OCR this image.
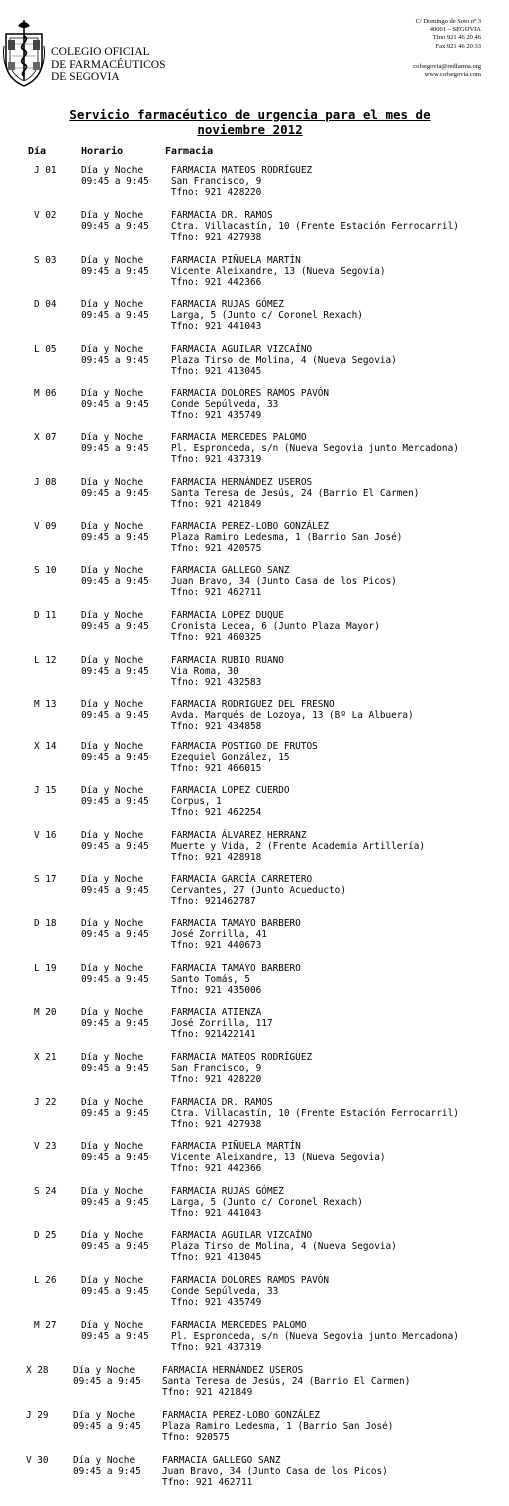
COLEGIO OFICIAL
DE FARMACÉUTICOS
DE SEGOVIA
C/ Domingo de Soto nº 3
40001 – SEGOVIA
Tfno 921 46 20 46
Fax 921 46 20 33
cofsegovia@redfarma.org
www.cofsegovia.com
Servicio farmacéutico de urgencia para el mes de
noviembre 2012
Día	Horario	Farmacia
J 01	Día y Noche
09:45 a 9:45
FARMACIA MATEOS RODRÍGUEZ
San Francisco, 9
Tfno: 921 428220
V 02	Día y Noche
09:45 a 9:45
FARMACIA DR. RAMOS
Ctra. Villacastín, 10 (Frente Estación Ferrocarril)
Tfno: 921 427938
S 03	Día y Noche
09:45 a 9:45
FARMACIA PIÑUELA MARTÍN
Vicente Aleixandre, 13 (Nueva Segovia)
Tfno: 921 442366
D 04	Día y Noche
09:45 a 9:45
FARMACIA RUJAS GÓMEZ
Larga, 5 (Junto c/ Coronel Rexach)
Tfno: 921 441043
L 05	Día y Noche
09:45 a 9:45
FARMACIA AGUILAR VIZCAÍNO
Plaza Tirso de Molina, 4 (Nueva Segovia)
Tfno: 921 413045
M 06	Día y Noche
09:45 a 9:45
FARMACIA DOLORES RAMOS PAVÓN
Conde Sepúlveda, 33
Tfno: 921 435749
X 07	Día y Noche
09:45 a 9:45
FARMACIA MERCEDES PALOMO
Pl. Espronceda, s/n (Nueva Segovia junto Mercadona)
Tfno: 921 437319
J 08	Día y Noche
09:45 a 9:45
FARMACIA HERNÁNDEZ USEROS
Santa Teresa de Jesús, 24 (Barrio El Carmen)
Tfno: 921 421849
V 09	Día y Noche
09:45 a 9:45
FARMACIA PEREZ-LOBO GONZÁLEZ
Plaza Ramiro Ledesma, 1 (Barrio San José)
Tfno: 921 420575
S 10	Día y Noche
09:45 a 9:45
FARMACIA GALLEGO SANZ
Juan Bravo, 34 (Junto Casa de los Picos)
Tfno: 921 462711
D 11	Día y Noche
09:45 a 9:45
FARMACIA LOPEZ DUQUE
Cronista Lecea, 6 (Junto Plaza Mayor)
Tfno: 921 460325
L 12	Día y Noche
09:45 a 9:45
FARMACIA RUBIO RUANO
Via Roma, 30
Tfno: 921 432583
M 13	Día y Noche
09:45 a 9:45
FARMACIA RODRIGUEZ DEL FRESNO
Avda. Marqués de Lozoya, 13 (Bº La Albuera)
Tfno: 921 434858
X 14	Día y Noche
09:45 a 9:45
FARMACIA POSTIGO DE FRUTOS
Ezequiel González, 15
Tfno: 921 466015
J 15	Día y Noche
09:45 a 9:45
FARMACIA LOPEZ CUERDO
Corpus, 1
Tfno: 921 462254
V 16	Día y Noche
09:45 a 9:45
FARMACIA ÁLVAREZ HERRANZ
Muerte y Vida, 2 (Frente Academia Artillería)
Tfno: 921 428918
S 17	Día y Noche
09:45 a 9:45
FARMACIA GARCÍA CARRETERO
Cervantes, 27 (Junto Acueducto)
Tfno: 921462787
D 18	Día y Noche
09:45 a 9:45
FARMACIA TAMAYO BARBERO
José Zorrilla, 41
Tfno: 921 440673
L 19	Día y Noche
09:45 a 9:45
FARMACIA TAMAYO BARBERO
Santo Tomás, 5
Tfno: 921 435006
M 20	Día y Noche
09:45 a 9:45
FARMACIA ATIENZA
José Zorrilla, 117
Tfno: 921422141
X 21	Día y Noche
09:45 a 9:45
FARMACIA MATEOS RODRÍGUEZ
San Francisco, 9
Tfno: 921 428220
J 22	Día y Noche
09:45 a 9:45
FARMACIA DR. RAMOS
Ctra. Villacastín, 10 (Frente Estación Ferrocarril)
Tfno: 921 427938
V 23	Día y Noche
09:45 a 9:45
FARMACIA PIÑUELA MARTÍN
Vicente Aleixandre, 13 (Nueva Segovia)
Tfno: 921 442366
S 24	Día y Noche
09:45 a 9:45
FARMACIA RUJAS GÓMEZ
Larga, 5 (Junto c/ Coronel Rexach)
Tfno: 921 441043
D 25	Día y Noche
09:45 a 9:45
FARMACIA AGUILAR VIZCAÍNO
Plaza Tirso de Molina, 4 (Nueva Segovia)
Tfno: 921 413045
L 26	Día y Noche
09:45 a 9:45
FARMACIA DOLORES RAMOS PAVÓN
Conde Sepúlveda, 33
Tfno: 921 435749
M 27	Día y Noche
09:45 a 9:45
FARMACIA MERCEDES PALOMO
Pl. Espronceda, s/n (Nueva Segovia junto Mercadona)
Tfno: 921 437319
X 28	Día y Noche
09:45 a 9:45
FARMACIA HERNÁNDEZ USEROS
Santa Teresa de Jesús, 24 (Barrio El Carmen)
Tfno: 921 421849
J 29	Día y Noche
09:45 a 9:45
FARMACIA PEREZ-LOBO GONZÁLEZ
Plaza Ramiro Ledesma, 1 (Barrio San José)
Tfno: 920575
V 30	Día y Noche
09:45 a 9:45
FARMACIA GALLEGO SANZ
Juan Bravo, 34 (Junto Casa de los Picos)
Tfno: 921 462711
